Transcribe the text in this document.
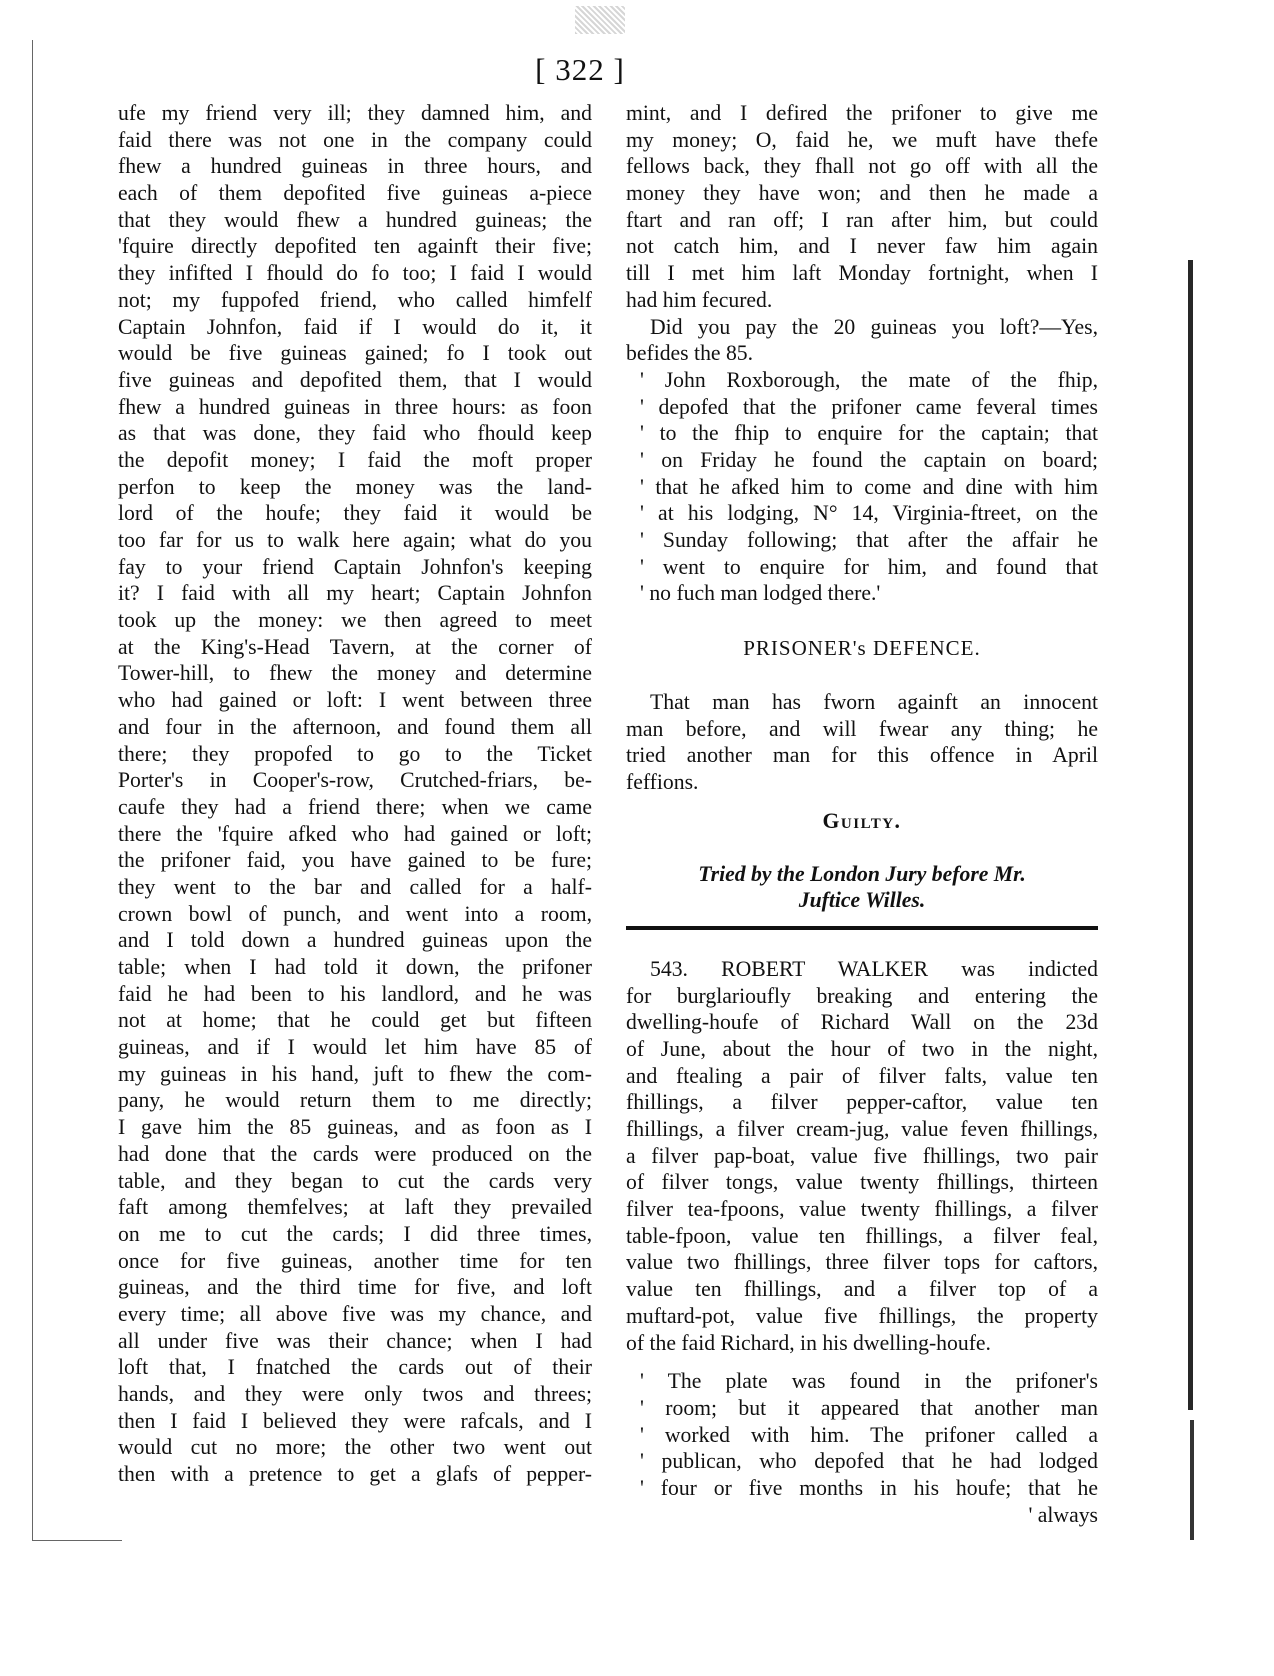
[ 322 ]
ufe my friend very ill; they damned him, and
faid there was not one in the company could
fhew a hundred guineas in three hours, and
each of them depofited five guineas a-piece
that they would fhew a hundred guineas; the
'fquire directly depofited ten againft their five;
they infifted I fhould do fo too; I faid I would
not; my fuppofed friend, who called himfelf
Captain Johnfon, faid if I would do it, it
would be five guineas gained; fo I took out
five guineas and depofited them, that I would
fhew a hundred guineas in three hours: as foon
as that was done, they faid who fhould keep
the depofit money; I faid the moft proper
perfon to keep the money was the land-
lord of the houfe; they faid it would be
too far for us to walk here again; what do you
fay to your friend Captain Johnfon's keeping
it? I faid with all my heart; Captain Johnfon
took up the money: we then agreed to meet
at the King's-Head Tavern, at the corner of
Tower-hill, to fhew the money and determine
who had gained or loft: I went between three
and four in the afternoon, and found them all
there; they propofed to go to the Ticket
Porter's in Cooper's-row, Crutched-friars, be-
caufe they had a friend there; when we came
there the 'fquire afked who had gained or loft;
the prifoner faid, you have gained to be fure;
they went to the bar and called for a half-
crown bowl of punch, and went into a room,
and I told down a hundred guineas upon the
table; when I had told it down, the prifoner
faid he had been to his landlord, and he was
not at home; that he could get but fifteen
guineas, and if I would let him have 85 of
my guineas in his hand, juft to fhew the com-
pany, he would return them to me directly;
I gave him the 85 guineas, and as foon as I
had done that the cards were produced on the
table, and they began to cut the cards very
faft among themfelves; at laft they prevailed
on me to cut the cards; I did three times,
once for five guineas, another time for ten
guineas, and the third time for five, and loft
every time; all above five was my chance, and
all under five was their chance; when I had
loft that, I fnatched the cards out of their
hands, and they were only twos and threes;
then I faid I believed they were rafcals, and I
would cut no more; the other two went out
then with a pretence to get a glafs of pepper-
mint, and I defired the prifoner to give me
my money; O, faid he, we muft have thefe
fellows back, they fhall not go off with all the
money they have won; and then he made a
ftart and ran off; I ran after him, but could
not catch him, and I never faw him again
till I met him laft Monday fortnight, when I
had him fecured.
Did you pay the 20 guineas you loft?—Yes,
befides the 85.
' John Roxborough, the mate of the fhip,
' depofed that the prifoner came feveral times
' to the fhip to enquire for the captain; that
' on Friday he found the captain on board;
' that he afked him to come and dine with him
' at his lodging, N° 14, Virginia-ftreet, on the
' Sunday following; that after the affair he
' went to enquire for him, and found that
' no fuch man lodged there.'
PRISONER's DEFENCE.
That man has fworn againft an innocent
man before, and will fwear any thing; he
tried another man for this offence in April
feffions.
Guilty.
Tried by the London Jury before Mr.
Juftice Willes.
543. ROBERT WALKER was indicted
for burglarioufly breaking and entering the
dwelling-houfe of Richard Wall on the 23d
of June, about the hour of two in the night,
and ftealing a pair of filver falts, value ten
fhillings, a filver pepper-caftor, value ten
fhillings, a filver cream-jug, value feven fhillings,
a filver pap-boat, value five fhillings, two pair
of filver tongs, value twenty fhillings, thirteen
filver tea-fpoons, value twenty fhillings, a filver
table-fpoon, value ten fhillings, a filver feal,
value two fhillings, three filver tops for caftors,
value ten fhillings, and a filver top of a
muftard-pot, value five fhillings, the property
of the faid Richard, in his dwelling-houfe.
' The plate was found in the prifoner's
' room; but it appeared that another man
' worked with him. The prifoner called a
' publican, who depofed that he had lodged
' four or five months in his houfe; that he
' always
